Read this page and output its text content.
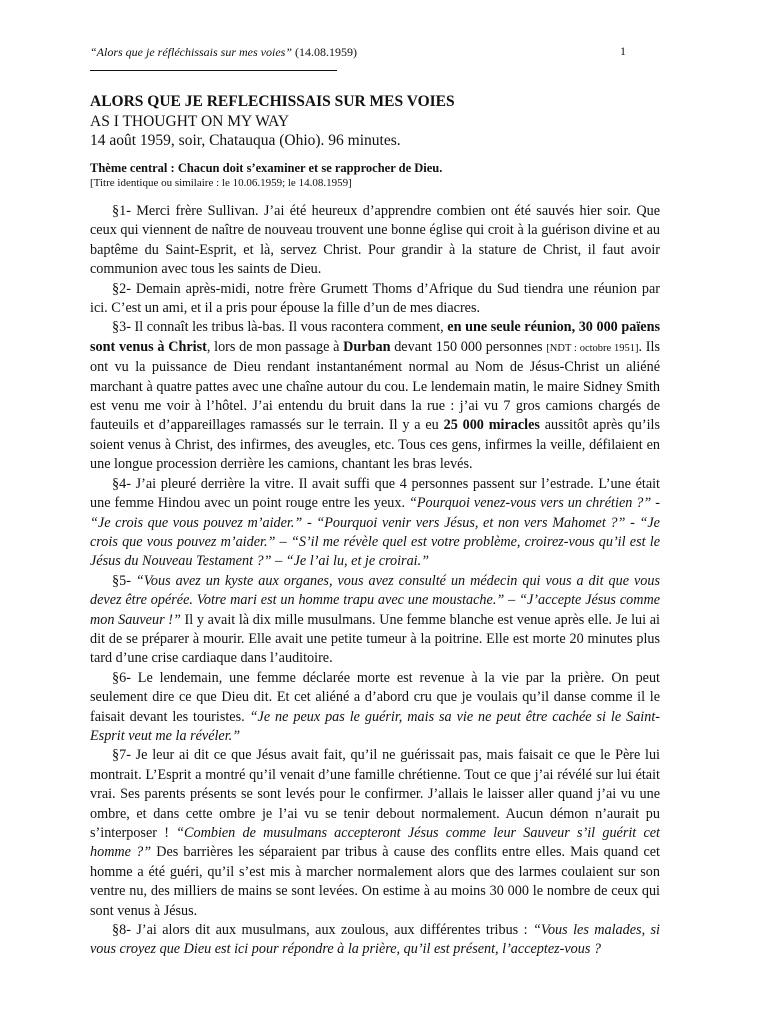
“Alors que je réfléchissais sur mes voies” (14.08.1959)	1
ALORS QUE JE REFLECHISSAIS SUR MES VOIES
AS I THOUGHT ON MY WAY
14 août 1959, soir, Chatauqua (Ohio). 96 minutes.
Thème central : Chacun doit s’examiner et se rapprocher de Dieu.
[Titre identique ou similaire : le 10.06.1959; le 14.08.1959]

§1- Merci frère Sullivan. J’ai été heureux d’apprendre combien ont été sauvés hier soir. Que ceux qui viennent de naître de nouveau trouvent une bonne église qui croit à la guérison divine et au baptême du Saint-Esprit, et là, servez Christ. Pour grandir à la stature de Christ, il faut avoir communion avec tous les saints de Dieu.

§2- Demain après-midi, notre frère Grumett Thoms d’Afrique du Sud tiendra une réunion par ici. C’est un ami, et il a pris pour épouse la fille d’un de mes diacres.

§3- Il connaît les tribus là-bas. Il vous racontera comment, en une seule réunion, 30 000 païens sont venus à Christ, lors de mon passage à Durban devant 150 000 personnes [NDT : octobre 1951]. Ils ont vu la puissance de Dieu rendant instantanément normal au Nom de Jésus-Christ un aliéné marchant à quatre pattes avec une chaîne autour du cou. Le lendemain matin, le maire Sidney Smith est venu me voir à l’hôtel. J’ai entendu du bruit dans la rue : j’ai vu 7 gros camions chargés de fauteuils et d’appareillages ramassés sur le terrain. Il y a eu 25 000 miracles aussitôt après qu’ils soient venus à Christ, des infirmes, des aveugles, etc. Tous ces gens, infirmes la veille, défilaient en une longue procession derrière les camions, chantant les bras levés.

§4- J’ai pleuré derrière la vitre. Il avait suffi que 4 personnes passent sur l’estrade. L’une était une femme Hindou avec un point rouge entre les yeux. “Pourquoi venez-vous vers un chrétien ?” - “Je crois que vous pouvez m’aider.” - “Pourquoi venir vers Jésus, et non vers Mahomet ?” - “Je crois que vous pouvez m’aider.” – “S’il me révèle quel est votre problème, croirez-vous qu’il est le Jésus du Nouveau Testament ?” – “Je l’ai lu, et je croirai.”

§5- “Vous avez un kyste aux organes, vous avez consulté un médecin qui vous a dit que vous devez être opérée. Votre mari est un homme trapu avec une moustache.” – “J’accepte Jésus comme mon Sauveur !” Il y avait là dix mille musulmans. Une femme blanche est venue après elle. Je lui ai dit de se préparer à mourir. Elle avait une petite tumeur à la poitrine. Elle est morte 20 minutes plus tard d’une crise cardiaque dans l’auditoire.

§6- Le lendemain, une femme déclarée morte est revenue à la vie par la prière. On peut seulement dire ce que Dieu dit. Et cet aliéné a d’abord cru que je voulais qu’il danse comme il le faisait devant les touristes. “Je ne peux pas le guérir, mais sa vie ne peut être cachée si le Saint-Esprit veut me la révéler.”

§7- Je leur ai dit ce que Jésus avait fait, qu’il ne guérissait pas, mais faisait ce que le Père lui montrait. L’Esprit a montré qu’il venait d’une famille chrétienne. Tout ce que j’ai révélé sur lui était vrai. Ses parents présents se sont levés pour le confirmer. J’allais le laisser aller quand j’ai vu une ombre, et dans cette ombre je l’ai vu se tenir debout normalement. Aucun démon n’aurait pu s’interposer ! “Combien de musulmans accepteront Jésus comme leur Sauveur s’il guérit cet homme ?” Des barrières les séparaient par tribus à cause des conflits entre elles. Mais quand cet homme a été guéri, qu’il s’est mis à marcher normalement alors que des larmes coulaient sur son ventre nu, des milliers de mains se sont levées. On estime à au moins 30 000 le nombre de ceux qui sont venus à Jésus.

§8- J’ai alors dit aux musulmans, aux zoulous, aux différentes tribus : “Vous les malades, si vous croyez que Dieu est ici pour répondre à la prière, qu’il est présent, l’acceptez-vous ?
